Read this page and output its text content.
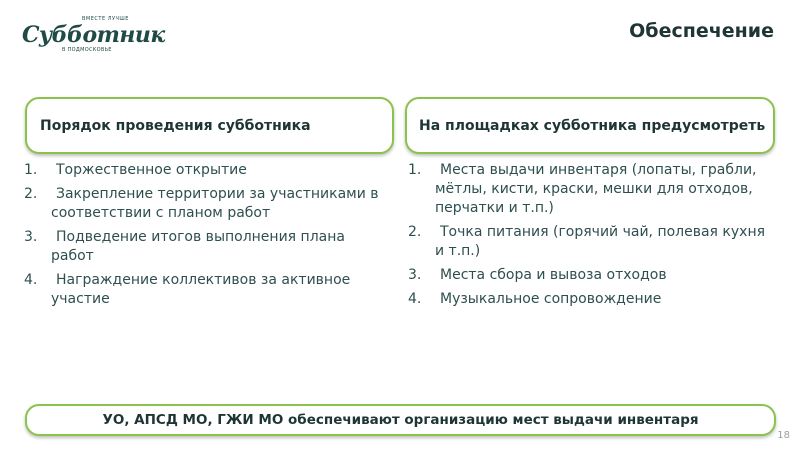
ВМЕСТЕ ЛУЧШЕ
Субботник
В ПОДМОСКОВЬЕ
Обеспечение
Порядок проведения субботника	На площадках субботника предусмотреть
1.	Торжественное открытие
2.	Закрепление территории за участниками в соответствии с планом работ
3.	Подведение итогов выполнения плана работ
4.	Награждение коллективов за активное участие
1.	Места выдачи инвентаря (лопаты, грабли, мётлы, кисти, краски, мешки для отходов, перчатки и т.п.)
2.	Точка питания (горячий чай, полевая кухня и т.п.)
3.	Места сбора и вывоза отходов
4.	Музыкальное сопровождение
УО, АПСД МО, ГЖИ МО обеспечивают организацию мест выдачи инвентаря
18
